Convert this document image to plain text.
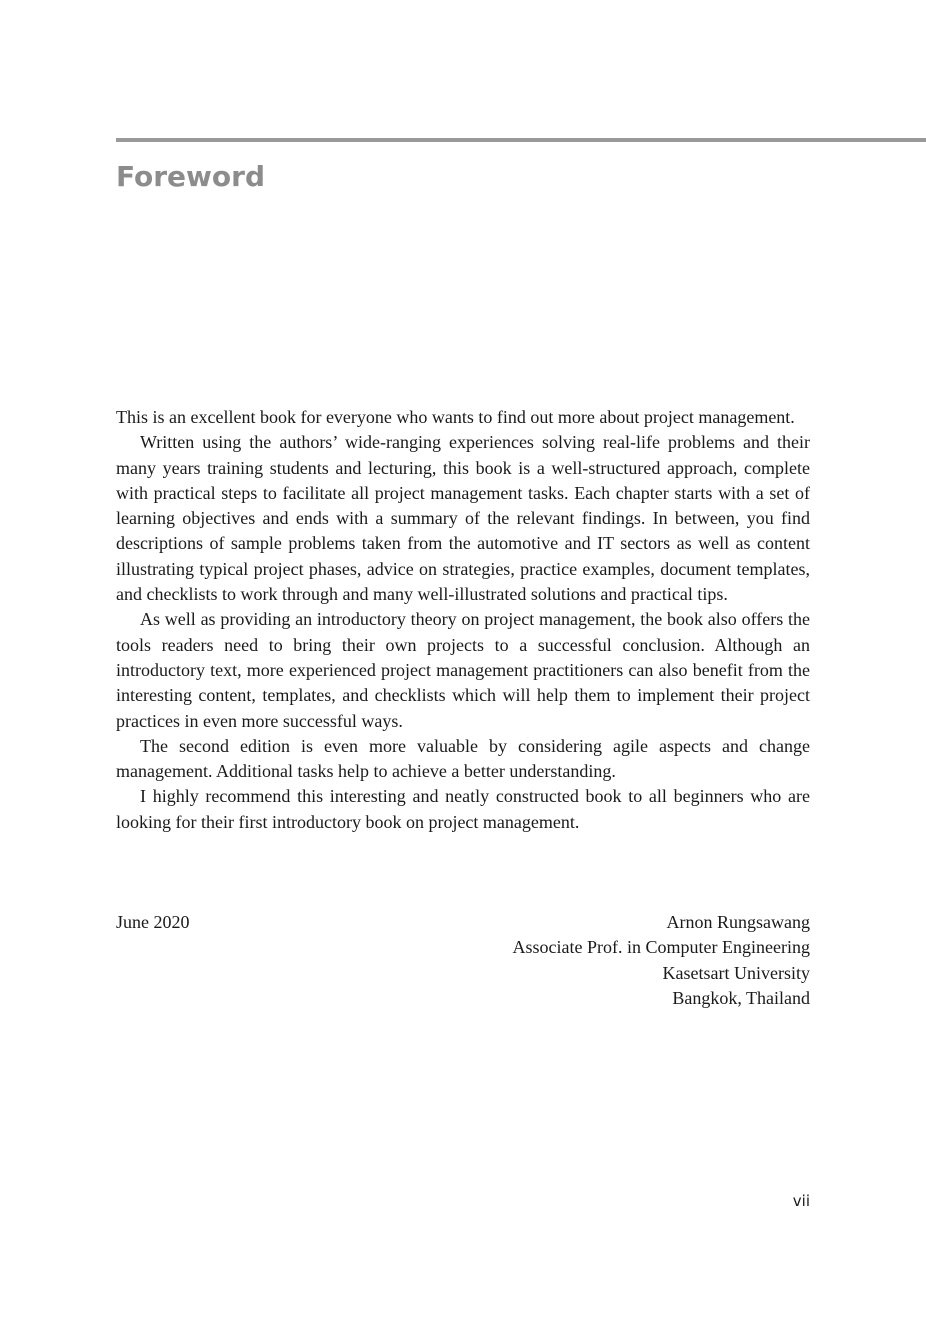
Foreword

This is an excellent book for everyone who wants to find out more about project management.

Written using the authors’ wide-ranging experiences solving real-life problems and their many years training students and lecturing, this book is a well-structured approach, complete with practical steps to facilitate all project management tasks. Each chapter starts with a set of learning objectives and ends with a summary of the relevant findings. In between, you find descriptions of sample problems taken from the automotive and IT sectors as well as content illustrating typical project phases, advice on strategies, practice examples, document templates, and checklists to work through and many well-illustrated solutions and practical tips.

As well as providing an introductory theory on project management, the book also offers the tools readers need to bring their own projects to a successful conclusion. Although an introductory text, more experienced project management practitioners can also benefit from the interesting content, templates, and checklists which will help them to implement their project practices in even more successful ways.

The second edition is even more valuable by considering agile aspects and change management. Additional tasks help to achieve a better understanding.

I highly recommend this interesting and neatly constructed book to all beginners who are looking for their first introductory book on project management.

June 2020	Arnon Rungsawang
Associate Prof. in Computer Engineering
Kasetsart University
Bangkok, Thailand
vii
